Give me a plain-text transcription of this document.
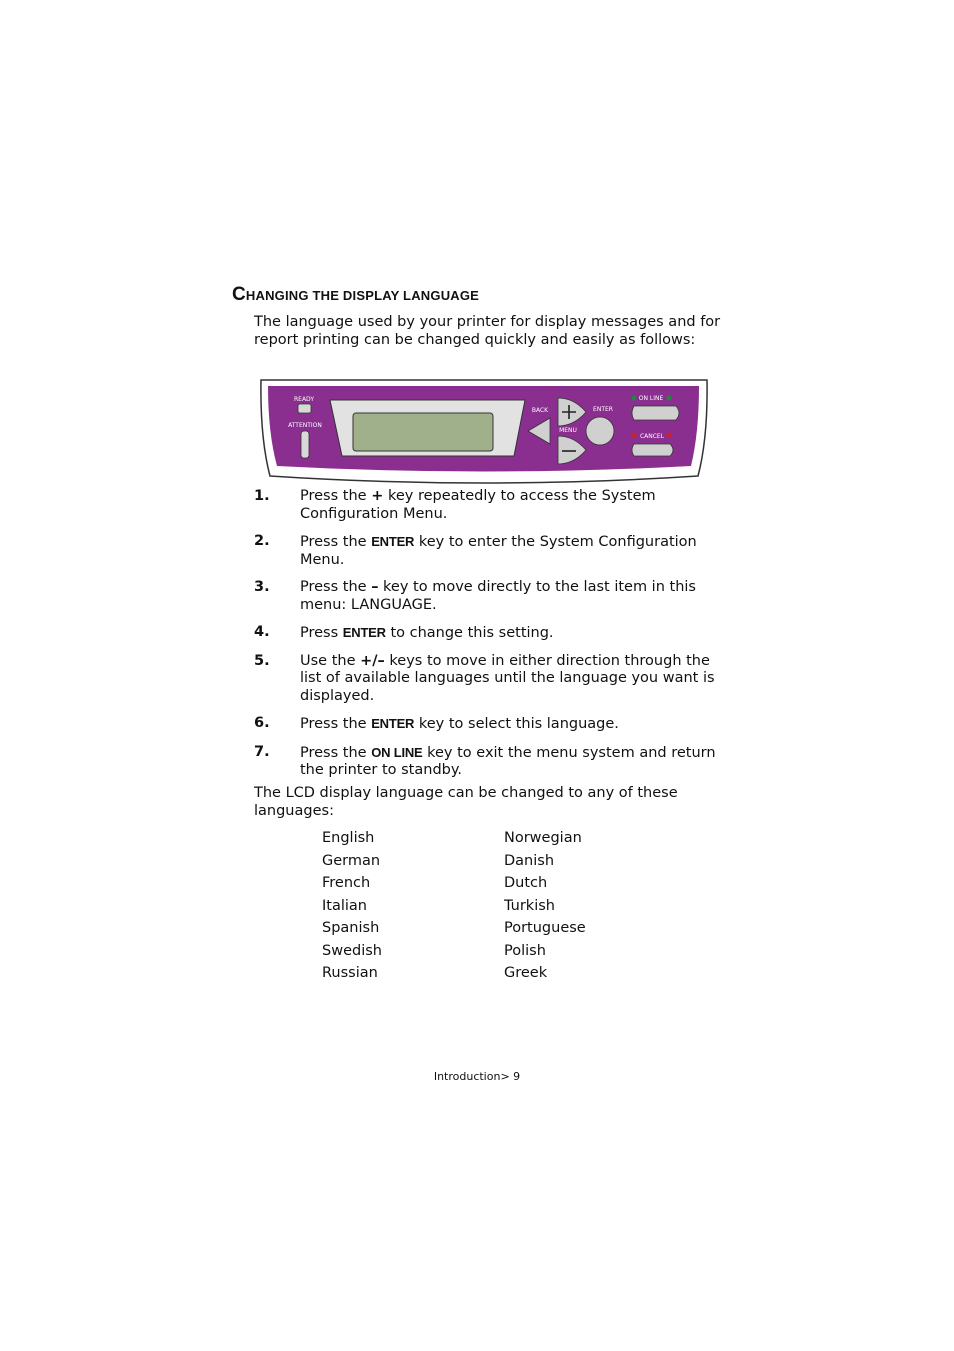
CHANGING THE DISPLAY LANGUAGE
The language used by your printer for display messages and for report printing can be changed quickly and easily as follows:
READY
ATTENTION
BACK
MENU
ENTER
ON LINE
CANCEL
1.	Press the + key repeatedly to access the System Configuration Menu.
2.	Press the ENTER key to enter the System Configuration Menu.
3.	Press the – key to move directly to the last item in this menu: LANGUAGE.
4.	Press ENTER to change this setting.
5.	Use the +/– keys to move in either direction through the list of available languages until the language you want is displayed.
6.	Press the ENTER key to select this language.
7.	Press the ON LINE key to exit the menu system and return the printer to standby.
The LCD display language can be changed to any of these languages:
English	Norwegian
German	Danish
French	Dutch
Italian	Turkish
Spanish	Portuguese
Swedish	Polish
Russian	Greek
Introduction> 9
